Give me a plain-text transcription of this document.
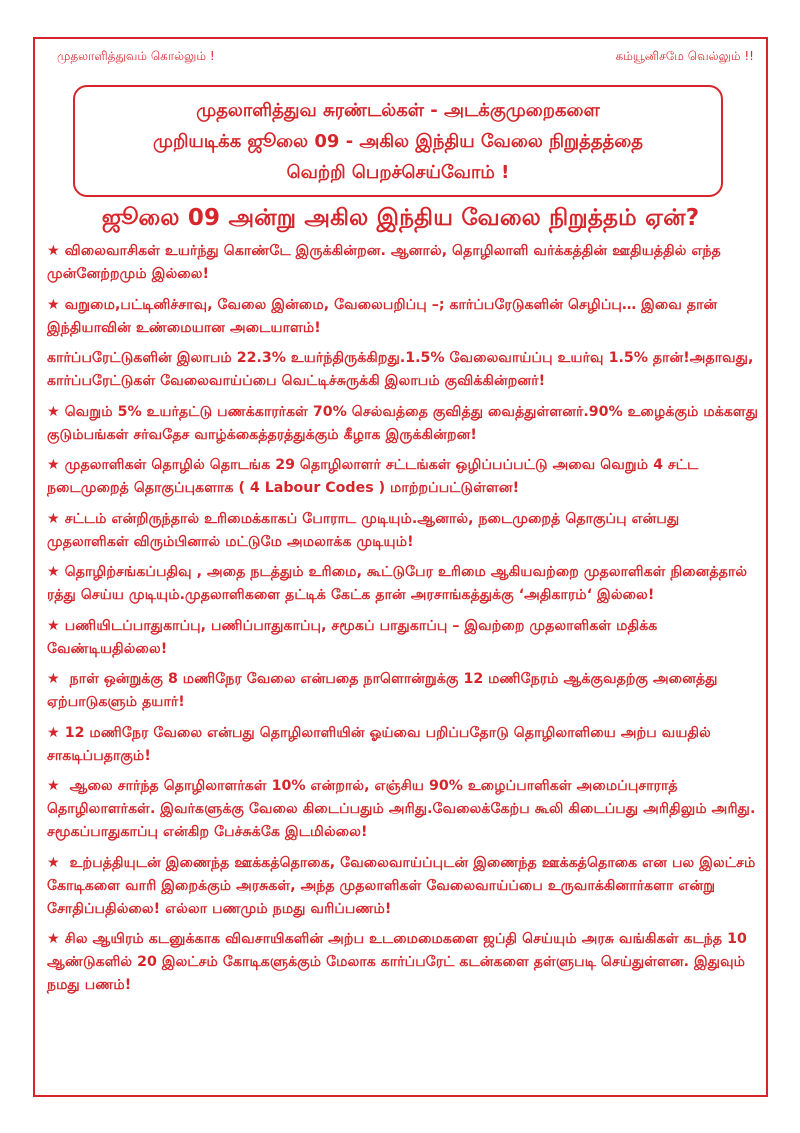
முதலாளித்துவம் கொல்லும் !	கம்யூனிசமே வெல்லும் !!
முதலாளித்துவ சுரண்டல்கள் - அடக்குமுறைகளை
முறியடிக்க ஜூலை 09 - அகில இந்திய வேலை நிறுத்தத்தை
வெற்றி பெறச்செய்வோம் !
ஜூலை 09 அன்று அகில இந்திய வேலை நிறுத்தம் ஏன்?
★ விலைவாசிகள் உயர்ந்து கொண்டே இருக்கின்றன. ஆனால், தொழிலாளி வர்க்கத்தின் ஊதியத்தில் எந்த முன்னேற்றமும் இல்லை!
★ வறுமை,பட்டினிச்சாவு, வேலை இன்மை, வேலைபறிப்பு –; கார்ப்பரேடுகளின் செழிப்பு… இவை தான் இந்தியாவின் உண்மையான அடையாளம்!
கார்ப்பரேட்டுகளின் இலாபம் 22.3% உயர்ந்திருக்கிறது.1.5% வேலைவாய்ப்பு உயர்வு 1.5% தான்!அதாவது, கார்ப்பரேட்டுகள் வேலைவாய்ப்பை வெட்டிச்சுருக்கி இலாபம் குவிக்கின்றனர்!
★ வெறும் 5% உயர்தட்டு பணக்காரர்கள் 70% செல்வத்தை குவித்து வைத்துள்ளனர்.90% உழைக்கும் மக்களது குடும்பங்கள் சர்வதேச வாழ்க்கைத்தரத்துக்கும் கீழாக இருக்கின்றன!
★ முதலாளிகள் தொழில் தொடங்க 29 தொழிலாளர் சட்டங்கள் ஒழிப்பப்பட்டு அவை வெறும் 4 சட்ட நடைமுறைத் தொகுப்புகளாக ( 4 Labour Codes ) மாற்றப்பட்டுள்ளன!
★ சட்டம் என்றிருந்தால் உரிமைக்காகப் போராட முடியும்.ஆனால், நடைமுறைத் தொகுப்பு என்பது முதலாளிகள் விரும்பினால் மட்டுமே அமலாக்க முடியும்!
★ தொழிற்சங்கப்பதிவு , அதை நடத்தும் உரிமை, கூட்டுபேர உரிமை ஆகியவற்றை முதலாளிகள் நினைத்தால் ரத்து செய்ய முடியும்.முதலாளிகளை தட்டிக் கேட்க தான் அரசாங்கத்துக்கு ‘அதிகாரம்‘ இல்லை!
★ பணியிடப்பாதுகாப்பு, பணிப்பாதுகாப்பு, சமூகப் பாதுகாப்பு – இவற்றை முதலாளிகள் மதிக்க வேண்டியதில்லை!
★ நாள் ஒன்றுக்கு 8 மணிநேர வேலை என்பதை நாளொன்றுக்கு 12 மணிநேரம் ஆக்குவதற்கு அனைத்து ஏற்பாடுகளும் தயார்!
★ 12 மணிநேர வேலை என்பது தொழிலாளியின் ஓய்வை பறிப்பதோடு தொழிலாளியை அற்ப வயதில் சாகடிப்பதாகும்!
★ ஆலை சார்ந்த தொழிலாளர்கள் 10% என்றால், எஞ்சிய 90% உழைப்பாளிகள் அமைப்புசாராத் தொழிலாளர்கள். இவர்களுக்கு வேலை கிடைப்பதும் அரிது.வேலைக்கேற்ப கூலி கிடைப்பது அரிதிலும் அரிது. சமூகப்பாதுகாப்பு என்கிற பேச்சுக்கே இடமில்லை!
★ உற்பத்தியுடன் இணைந்த ஊக்கத்தொகை, வேலைவாய்ப்புடன் இணைந்த ஊக்கத்தொகை என பல இலட்சம் கோடிகளை வாரி இறைக்கும் அரசுகள், அந்த முதலாளிகள் வேலைவாய்ப்பை உருவாக்கினார்களா என்று சோதிப்பதில்லை! எல்லா பணமும் நமது வரிப்பணம்!
★ சில ஆயிரம் கடனுக்காக விவசாயிகளின் அற்ப உடமைமைகளை ஜப்தி செய்யும் அரசு வங்கிகள் கடந்த 10 ஆண்டுகளில் 20 இலட்சம் கோடிகளுக்கும் மேலாக கார்ப்பரேட் கடன்களை தள்ளுபடி செய்துள்ளன. இதுவும் நமது பணம்!
